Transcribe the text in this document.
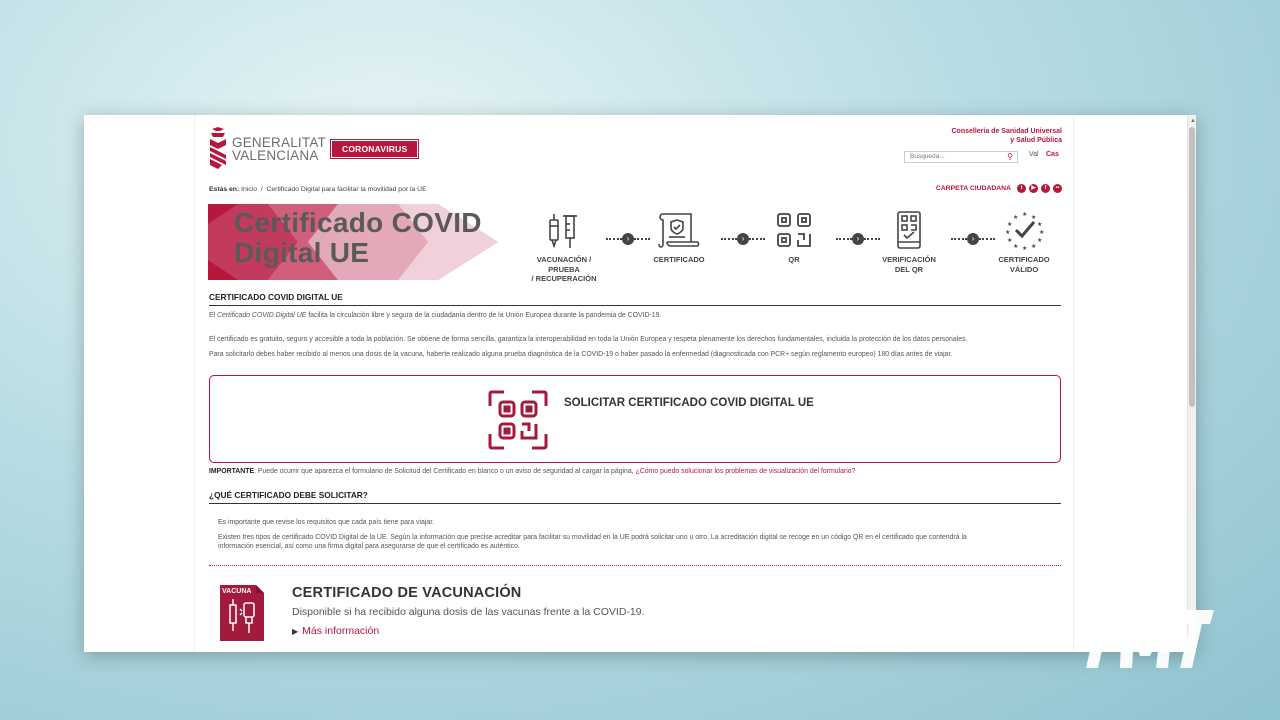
GENERALITAT
VALENCIANA	CORONAVIRUS
Conselleria de Sanidad Universal
y Salud Pública
Búsqueda...	⚲ Val Cas
Estás en: Inicio / Certificado Digital para facilitar la movilidad por la UE	CARPETA CIUDADANA	t	▶	f	••
Certificado COVID
Digital UE	VACUNACIÓN / PRUEBA
/ RECUPERACIÓN
›
CERTIFICADO
›
QR
›
VERIFICACIÓN
DEL QR
›
★ ★
★
★
★
★
★
★
★
★
★
★
CERTIFICADO
VÁLIDO
CERTIFICADO COVID DIGITAL UE
El Certificado COVID Digital UE facilita la circulación libre y segura de la ciudadanía dentro de la Unión Europea durante la pandemia de COVID-19.
El certificado es gratuito, seguro y accesible a toda la población. Se obtiene de forma sencilla, garantiza la interoperabilidad en toda la Unión Europea y respeta plenamente los derechos fundamentales, incluida la protección de los datos personales.
Para solicitarlo debes haber recibido al menos una dosis de la vacuna, haberte realizado alguna prueba diagnóstica de la COVID-19 o haber pasado la enfermedad (diagnosticada con PCR+ según reglamento europeo) 180 días antes de viajar.
SOLICITAR CERTIFICADO COVID DIGITAL UE
IMPORTANTE: Puede ocurrir que aparezca el formulario de Solicitud del Certificado en blanco o un aviso de seguridad al cargar la página, ¿Cómo puedo solucionar los problemas de visualización del formulario?
¿QUÉ CERTIFICADO DEBE SOLICITAR?
Es importante que revise los requisitos que cada país tiene para viajar.
Existen tres tipos de certificado COVID Digital de la UE. Según la información que precise acreditar para facilitar su movilidad en la UE podrá solicitar uno u otro. La acreditación digital se recoge en un código QR en el certificado que contendrá la
información esencial, así como una firma digital para asegurarse de que el certificado es auténtico.
VACUNA	CERTIFICADO DE VACUNACIÓN
Disponible si ha recibido alguna dosis de las vacunas frente a la COVID-19.
▶ Más información
▲
